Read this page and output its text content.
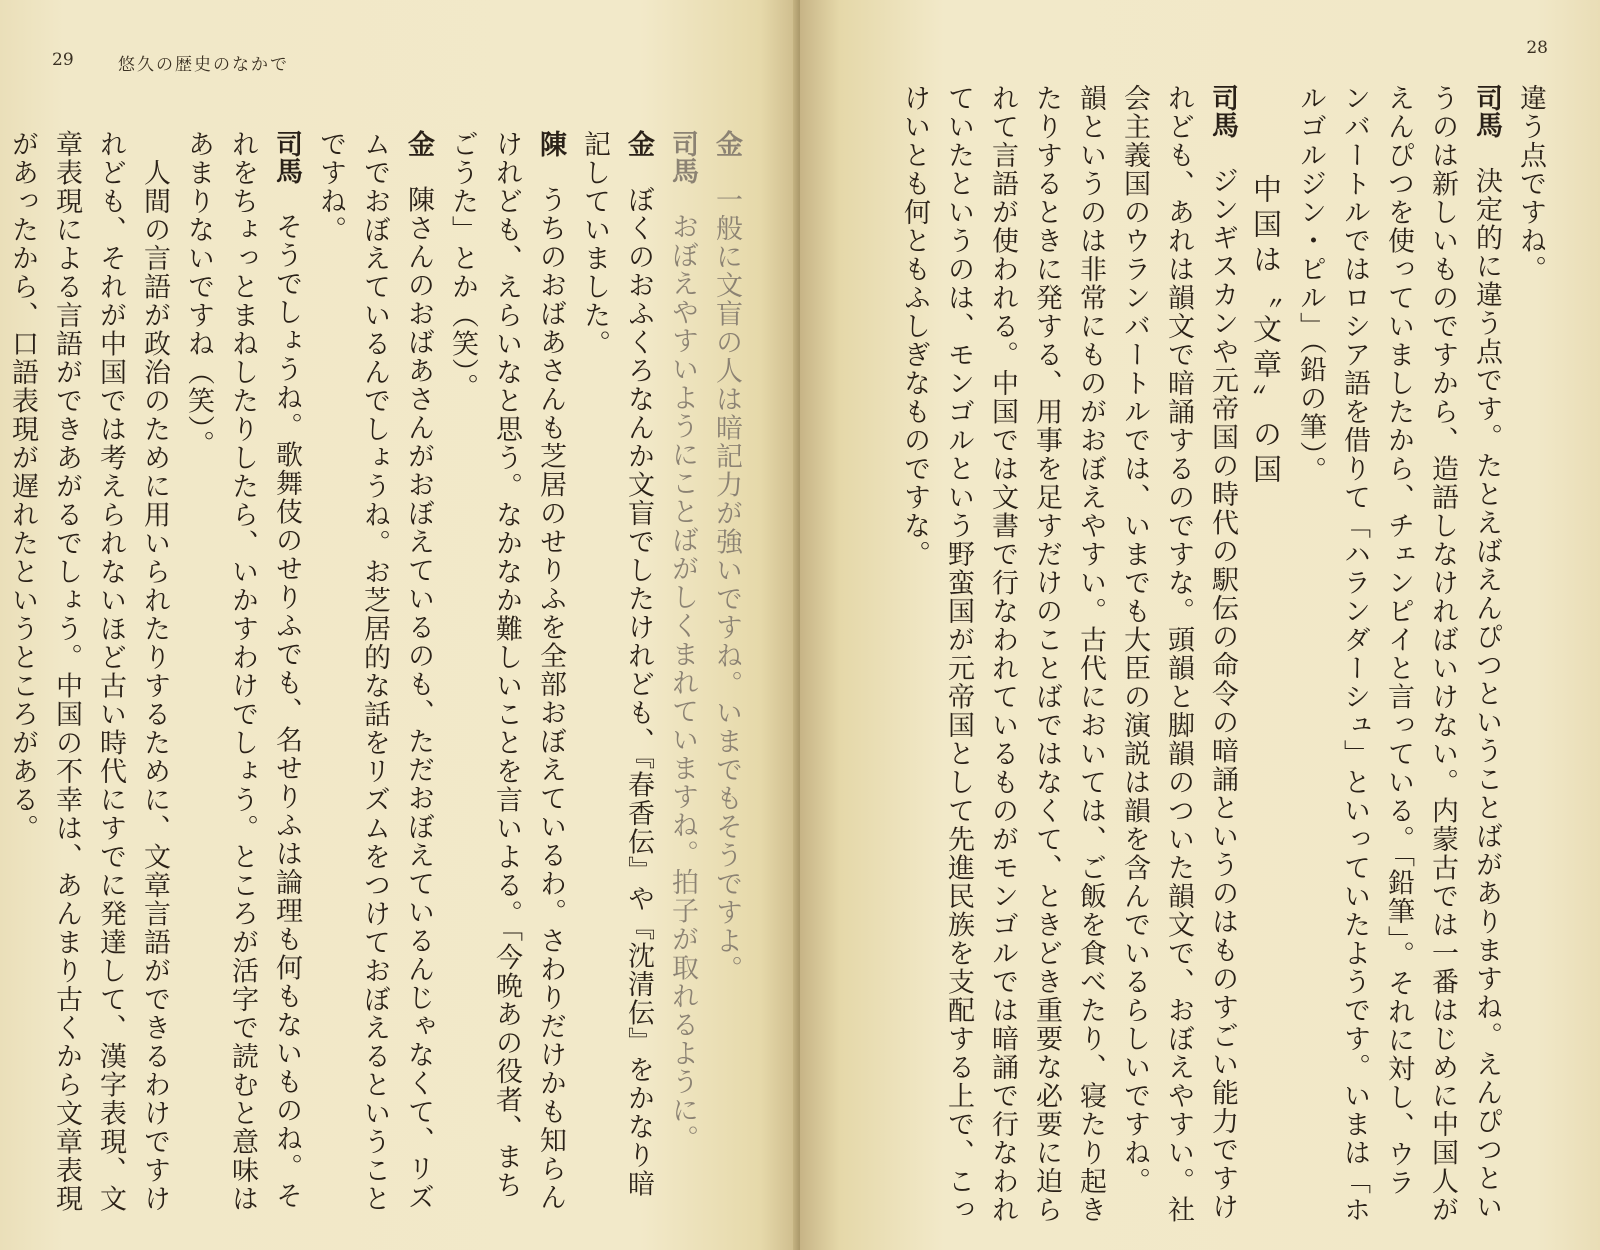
29	悠久の歴史のなかで

金　一般に文盲の人は暗記力が強いですね。いまでもそうですよ。

司馬　おぼえやすいようにことばがしくまれていますね。拍子が取れるように。

金　ぼくのおふくろなんか文盲でしたけれども、『春香伝』や『沈清伝』をかなり暗記していました。

陳　うちのおばあさんも芝居のせりふを全部おぼえているわ。さわりだけかも知らんけれども、えらいなと思う。なかなか難しいことを言いよる。「今晩あの役者、まちごうた」とか（笑）。

金　陳さんのおばあさんがおぼえているのも、ただおぼえているんじゃなくて、リズムでおぼえているんでしょうね。お芝居的な話をリズムをつけておぼえるということですね。

司馬　そうでしょうね。歌舞伎のせりふでも、名せりふは論理も何もないものね。それをちょっとまねしたりしたら、いかすわけでしょう。ところが活字で読むと意味はあまりないですね（笑）。

　人間の言語が政治のために用いられたりするために、文章言語ができるわけですけれども、それが中国では考えられないほど古い時代にすでに発達して、漢字表現、文章表現による言語ができあがるでしょう。中国の不幸は、あんまり古くから文章表現があったから、口語表現が遅れたというところがある。

28

違う点ですね。

司馬　決定的に違う点です。たとえばえんぴつということばがありますね。えんぴつというのは新しいものですから、造語しなければいけない。内蒙古では一番はじめに中国人がえんぴつを使っていましたから、チェンピイと言っている。「鉛筆」。それに対し、ウランバートルではロシア語を借りて「ハランダーシュ」といっていたようです。いまは「ホルゴルジン・ピル」（鉛の筆）。

中国は〝文章〟の国

司馬　ジンギスカンや元帝国の時代の駅伝の命令の暗誦というのはものすごい能力ですけれども、あれは韻文で暗誦するのですな。頭韻と脚韻のついた韻文で、おぼえやすい。社会主義国のウランバートルでは、いまでも大臣の演説は韻を含んでいるらしいですね。

韻というのは非常にものがおぼえやすい。古代においては、ご飯を食べたり、寝たり起きたりするときに発する、用事を足すだけのことばではなくて、ときどき重要な必要に迫られて言語が使われる。中国では文書で行なわれているものがモンゴルでは暗誦で行なわれていたというのは、モンゴルという野蛮国が元帝国として先進民族を支配する上で、こっけいとも何ともふしぎなものですな。
